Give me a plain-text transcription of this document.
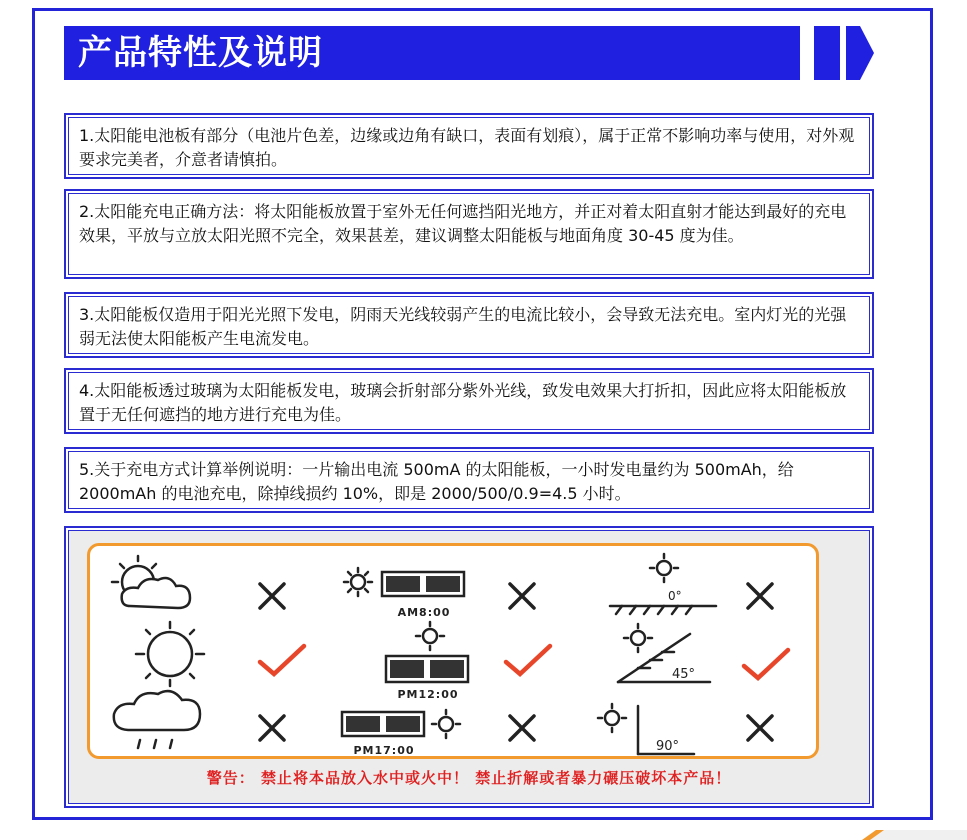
产品特性及说明
1.太阳能电池板有部分（电池片色差，边缘或边角有缺口，表面有划痕），属于正常不影响功率与使用，对外观要求完美者，介意者请慎拍。
2.太阳能充电正确方法：将太阳能板放置于室外无任何遮挡阳光地方，并正对着太阳直射才能达到最好的充电效果，平放与立放太阳光照不完全，效果甚差，建议调整太阳能板与地面角度 30-45 度为佳。
3.太阳能板仅造用于阳光光照下发电，阴雨天光线较弱产生的电流比较小，会导致无法充电。室内灯光的光强弱无法使太阳能板产生电流发电。
4.太阳能板透过玻璃为太阳能板发电，玻璃会折射部分紫外光线，致发电效果大打折扣，因此应将太阳能板放置于无任何遮挡的地方进行充电为佳。
5.关于充电方式计算举例说明：一片输出电流 500mA 的太阳能板，一小时发电量约为 500mAh，给 2000mAh 的电池充电，除掉线损约 10%，即是 2000/500/0.9=4.5 小时。
AM8:00
PM12:00
PM17:00
0°
45°
90°
警告： 禁止将本品放入水中或火中！ 禁止折解或者暴力碾压破坏本产品！
